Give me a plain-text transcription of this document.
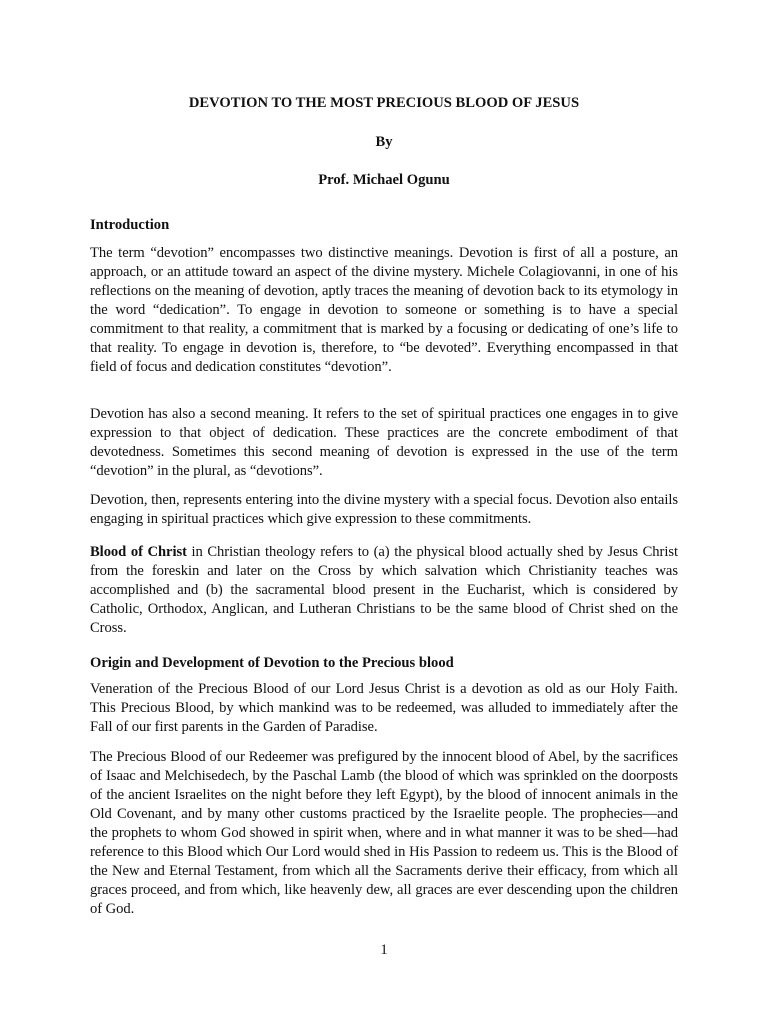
DEVOTION TO THE MOST PRECIOUS BLOOD OF JESUS

By

Prof. Michael Ogunu

Introduction

The term “devotion” encompasses two distinctive meanings. Devotion is first of all a posture, an approach, or an attitude toward an aspect of the divine mystery. Michele Colagiovanni, in one of his reflections on the meaning of devotion, aptly traces the meaning of devotion back to its etymology in the word “dedication”. To engage in devotion to someone or something is to have a special commitment to that reality, a commitment that is marked by a focusing or dedicating of one’s life to that reality. To engage in devotion is, therefore, to “be devoted”. Everything encompassed in that field of focus and dedication constitutes “devotion”.

Devotion has also a second meaning. It refers to the set of spiritual practices one engages in to give expression to that object of dedication. These practices are the concrete embodiment of that devotedness. Sometimes this second meaning of devotion is expressed in the use of the term “devotion” in the plural, as “devotions”.

Devotion, then, represents entering into the divine mystery with a special focus. Devotion also entails engaging in spiritual practices which give expression to these commitments.

Blood of Christ in Christian theology refers to (a) the physical blood actually shed by Jesus Christ from the foreskin and later on the Cross by which salvation which Christianity teaches was accomplished and (b) the sacramental blood present in the Eucharist, which is considered by Catholic, Orthodox, Anglican, and Lutheran Christians to be the same blood of Christ shed on the Cross.

Origin and Development of Devotion to the Precious blood

Veneration of the Precious Blood of our Lord Jesus Christ is a devotion as old as our Holy Faith. This Precious Blood, by which mankind was to be redeemed, was alluded to immediately after the Fall of our first parents in the Garden of Paradise.

The Precious Blood of our Redeemer was prefigured by the innocent blood of Abel, by the sacrifices of Isaac and Melchisedech, by the Paschal Lamb (the blood of which was sprinkled on the doorposts of the ancient Israelites on the night before they left Egypt), by the blood of innocent animals in the Old Covenant, and by many other customs practiced by the Israelite people. The prophecies—and the prophets to whom God showed in spirit when, where and in what manner it was to be shed—had reference to this Blood which Our Lord would shed in His Passion to redeem us. This is the Blood of the New and Eternal Testament, from which all the Sacraments derive their efficacy, from which all graces proceed, and from which, like heavenly dew, all graces are ever descending upon the children of God.

1
